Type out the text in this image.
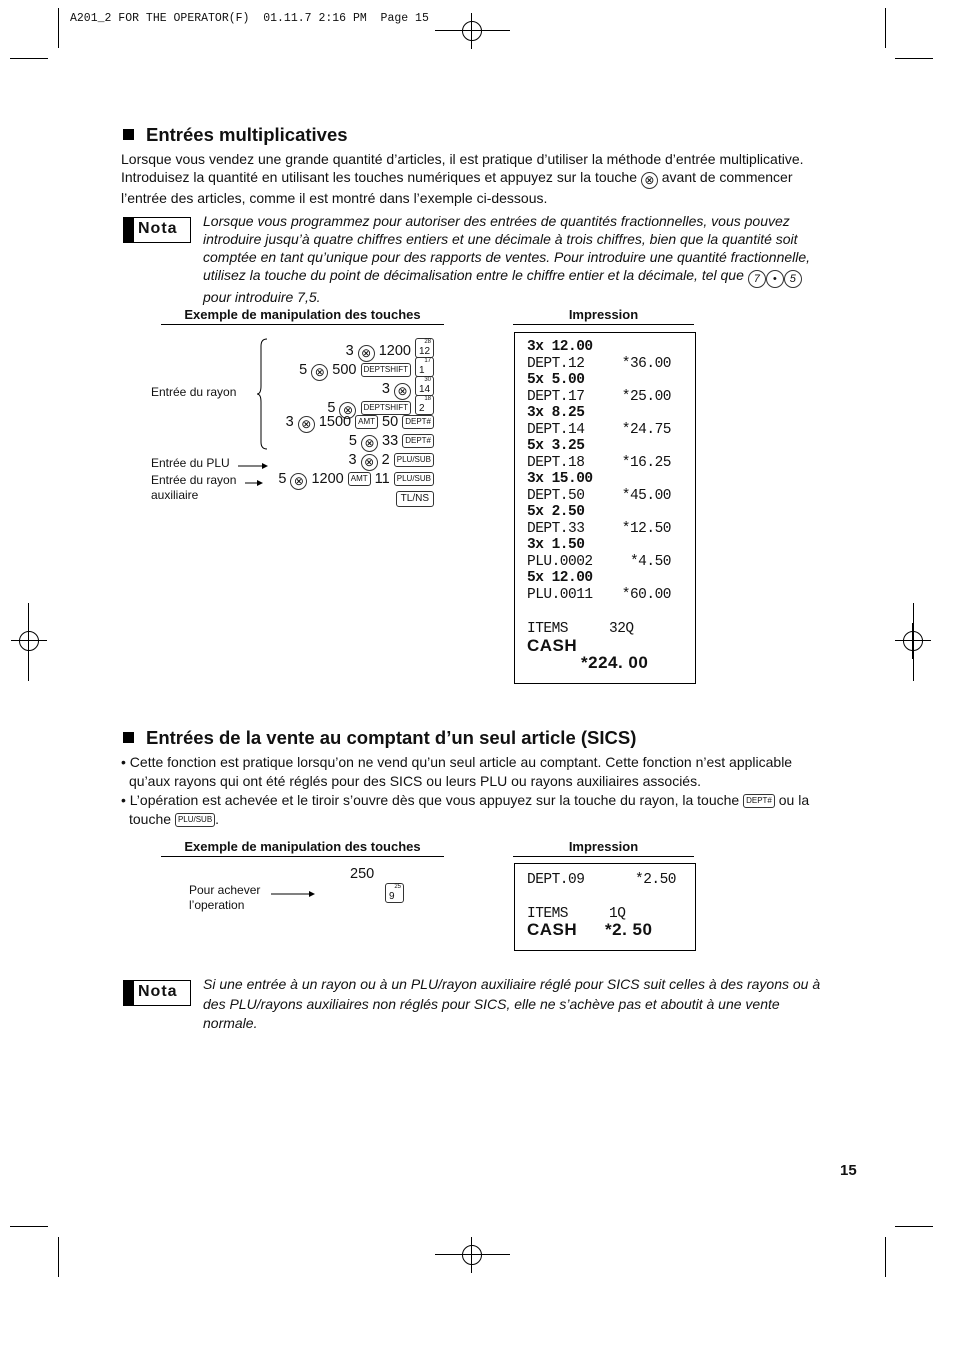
A201_2 FOR THE OPERATOR(F)  01.11.7 2:16 PM  Page 15
Entrées multiplicatives
Lorsque vous vendez une grande quantité d’articles, il est pratique d’utiliser la méthode d’entrée multiplicative.
Introduisez la quantité en utilisant les touches numériques et appuyez sur la touche ⊗ avant de commencer
l’entrée des articles, comme il est montré dans l’exemple ci-dessous.
Nota Lorsque vous programmez pour autoriser des entrées de quantités fractionnelles, vous pouvez
introduire jusqu’à quatre chiffres entiers et une décimale à trois chiffres, bien que la quantité soit
comptée en tant qu’unique pour des rapports de ventes. Pour introduire une quantité fractionnelle,
utilisez la touche du point de décimalisation entre le chiffre entier et la décimale, tel que 7 • 5
pour introduire 7,5.
Exemple de manipulation des touches	Impression
Entrée du rayon
Entrée du PLU
Entrée du rayon
auxiliaire
3 ⊗ 1200
28
12
5 ⊗ 500 DEPTSHIFT
17
1
3 ⊗
30
14
5 ⊗ DEPTSHIFT
18
2
3 ⊗ 1500 AMT 50 DEPT#
5 ⊗ 33 DEPT#
3 ⊗ 2 PLU/SUB
5 ⊗ 1200 AMT 11 PLU/SUB
TL/NS
3x 12.00
DEPT.12	*36.00
5x 5.00
DEPT.17	*25.00
3x 8.25
DEPT.14	*24.75
5x 3.25
DEPT.18	*16.25
3x 15.00
DEPT.50	*45.00
5x 2.50
DEPT.33	*12.50
3x 1.50
PLU.0002	*4.50
5x 12.00
PLU.0011 *60.00
ITEMS     32Q
CASH
*224. 00
Entrées de la vente au comptant d’un seul article (SICS)
• Cette fonction est pratique lorsqu’on ne vend qu’un seul article au comptant. Cette fonction n’est applicable
qu’aux rayons qui ont été réglés pour des SICS ou leurs PLU ou rayons auxiliaires associés.
• L’opération est achevée et le tiroir s’ouvre dès que vous appuyez sur la touche du rayon, la touche DEPT# ou la
touche PLU/SUB .
Exemple de manipulation des touches	Impression
250
Pour achever
l’operation
25
9
DEPT.09	*2.50
ITEMS     1Q
CASH *2. 50
Nota Si une entrée à un rayon ou à un PLU/rayon auxiliaire réglé pour SICS suit celles à des rayons ou à
des PLU/rayons auxiliaires non réglés pour SICS, elle ne s’achève pas et aboutit à une vente
normale.
15
